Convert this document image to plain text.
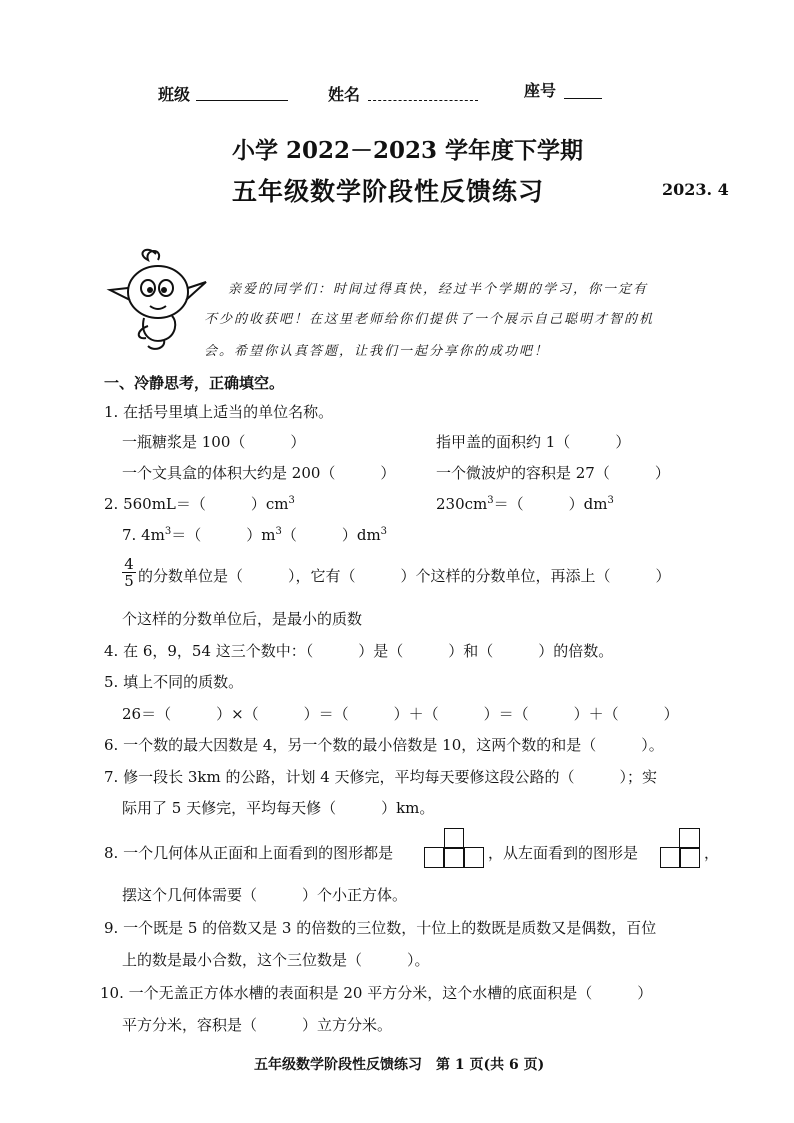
班级	姓名	座号
小学 2022－2023 学年度下学期
五年级数学阶段性反馈练习	2023. 4
亲爱的同学们：时间过得真快，经过半个学期的学习，你一定有
不少的收获吧！在这里老师给你们提供了一个展示自己聪明才智的机
会。希望你认真答题，让我们一起分享你的成功吧！
一、冷静思考，正确填空。
1. 在括号里填上适当的单位名称。
一瓶糖浆是 100（　　　）	指甲盖的面积约 1（　　　）
一个文具盒的体积大约是 200（　　　）	一个微波炉的容积是 27（　　　）
2. 560mL＝（　　　）$cm^3$	$230cm^3=$（　　　）$dm^3$
7. $4m^3=$（　　　）$m^3$（　　　）$dm^3$
4
5 的分数单位是（　　　），它有（　　　）个这样的分数单位，再添上（　　　）
个这样的分数单位后，是最小的质数
4. 在 6，9，54 这三个数中：（　　　）是（　　　）和（　　　）的倍数。
5. 填上不同的质数。
26＝（　　　）×（　　　）＝（　　　）＋（　　　）＝（　　　）＋（　　　）
6. 一个数的最大因数是 4，另一个数的最小倍数是 10，这两个数的和是（　　　）。
7. 修一段长 3km 的公路，计划 4 天修完，平均每天要修这段公路的（　　　）；实
际用了 5 天修完，平均每天修（　　　）km。
8. 一个几何体从正面和上面看到的图形都是	，从左面看到的图形是	，
摆这个几何体需要（　　　）个小正方体。
9. 一个既是 5 的倍数又是 3 的倍数的三位数，十位上的数既是质数又是偶数，百位
上的数是最小合数，这个三位数是（　　　）。
10. 一个无盖正方体水槽的表面积是 20 平方分米，这个水槽的底面积是（　　　）
平方分米，容积是（　　　）立方分米。
五年级数学阶段性反馈练习　第 1 页(共 6 页)
